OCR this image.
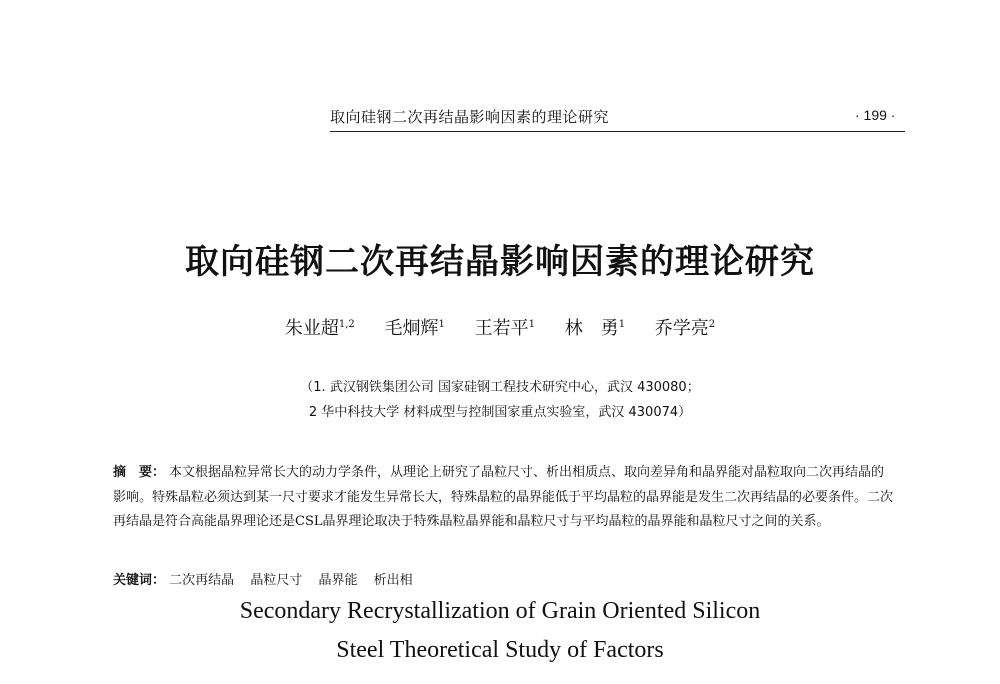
取向硅钢二次再结晶影响因素的理论研究	· 199 ·
取向硅钢二次再结晶影响因素的理论研究
朱业超$^{1,2}$ 毛炯辉$^1$ 王若平$^1$ 林　勇$^1$ 乔学亮$^2$
（1. 武汉钢铁集团公司 国家硅钢工程技术研究中心，武汉 430080；
2 华中科技大学 材料成型与控制国家重点实验室，武汉 430074）
摘　要： 本文根据晶粒异常长大的动力学条件，从理论上研究了晶粒尺寸、析出相质点、取向差异角和晶界能对晶粒取向二次再结晶的影响。特殊晶粒必须达到某一尺寸要求才能发生异常长大，特殊晶粒的晶界能低于平均晶粒的晶界能是发生二次再结晶的必要条件。二次再结晶是符合高能晶界理论还是CSL晶界理论取决于特殊晶粒晶界能和晶粒尺寸与平均晶粒的晶界能和晶粒尺寸之间的关系。
关键词： 二次再结晶 晶粒尺寸 晶界能 析出相
Secondary Recrystallization of Grain Oriented Silicon
Steel Theoretical Study of Factors
